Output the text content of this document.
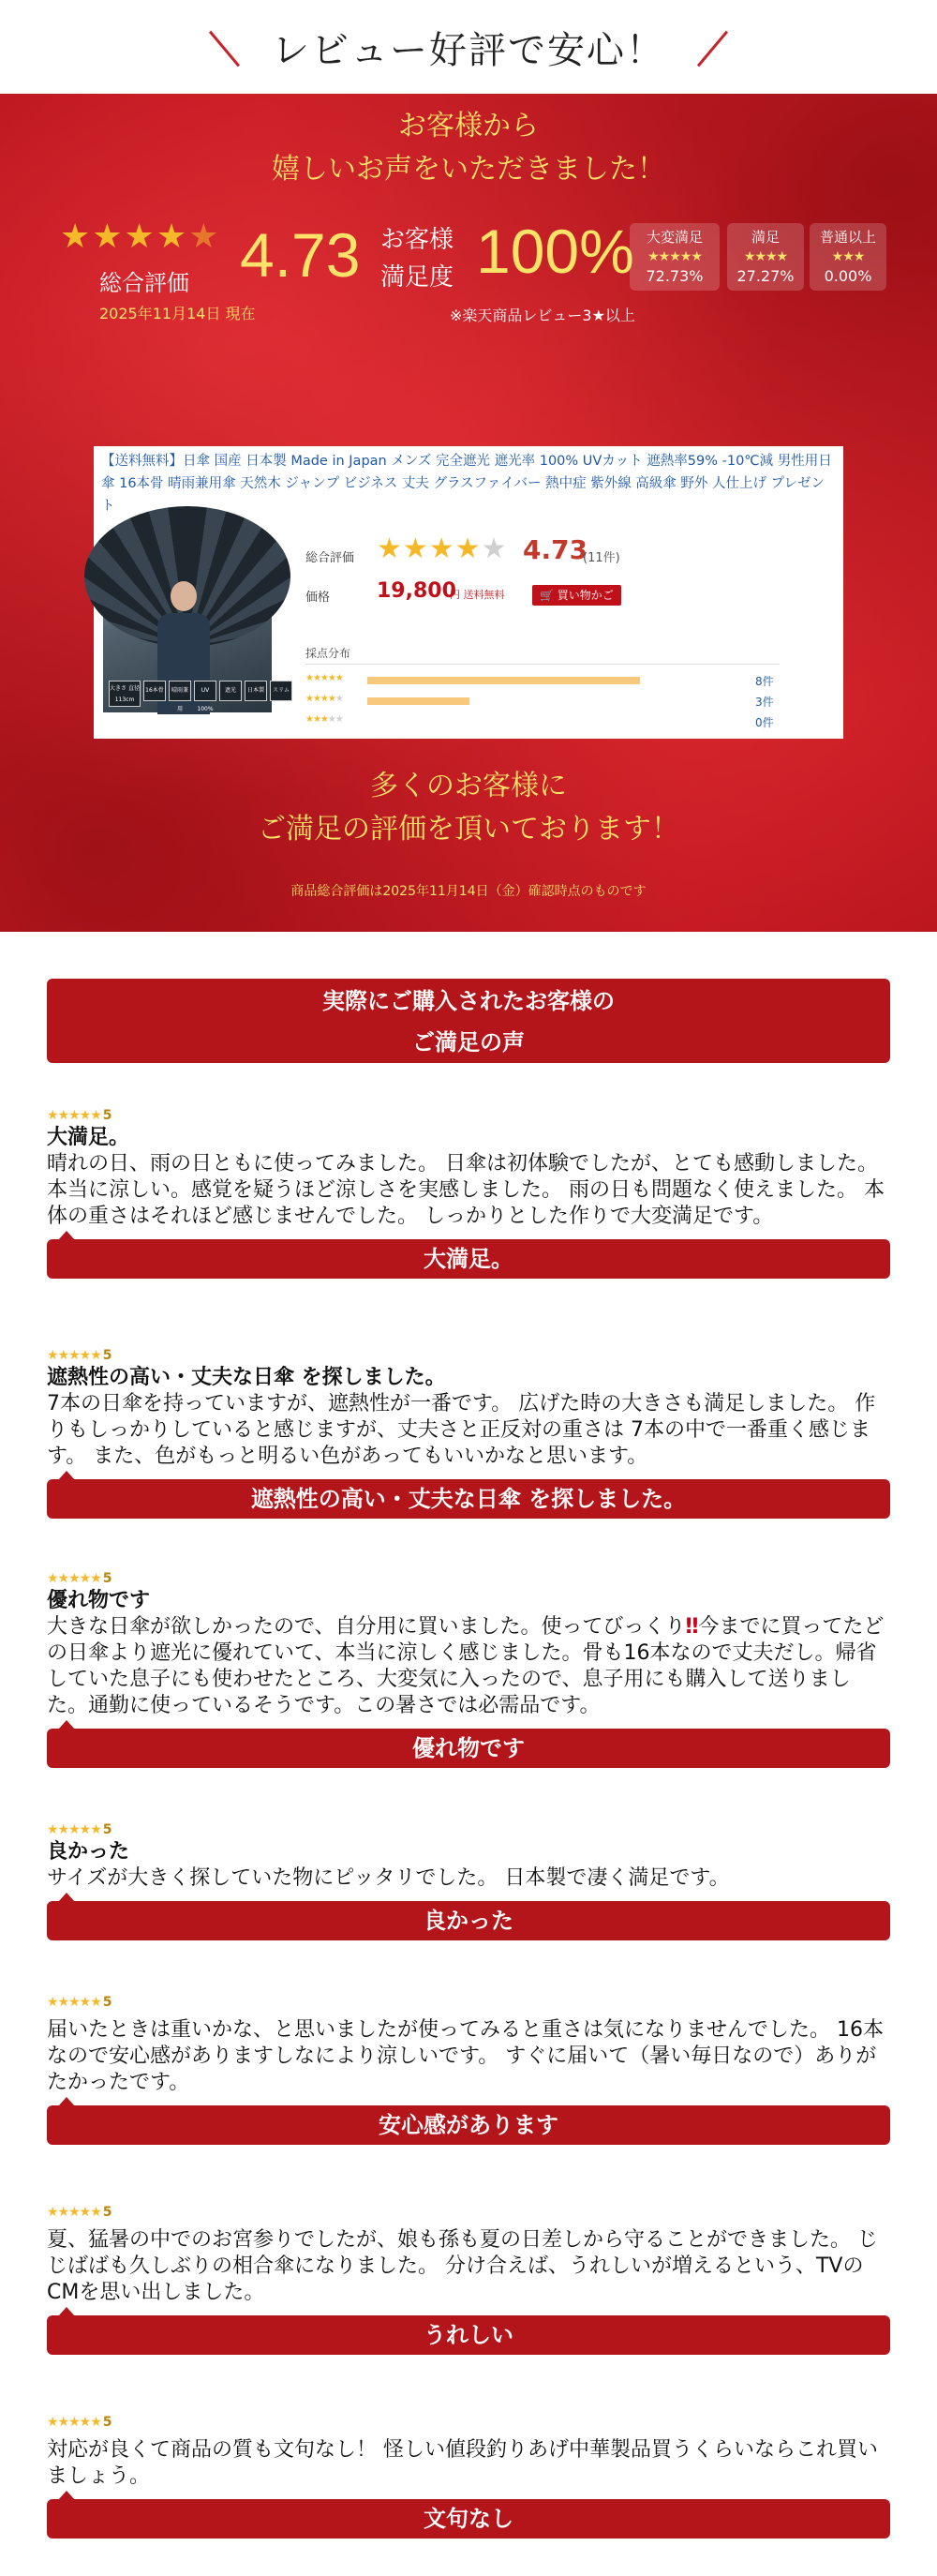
レビュー好評で安心！
お客様から
嬉しいお声をいただきました！
★★★★★
総合評価
2025年11月14日 現在
4.73 お客様
満足度 100%
※楽天商品レビュー3★以上
大変満足
★★★★★
72.73%
満足
★★★★
27.27%
普通以上
★★★
0.00%
【送料無料】日傘 国産 日本製 Made in Japan メンズ 完全遮光 遮光率 100% UVカット 遮熱率59% -10℃減 男性用日傘 16本骨 晴雨兼用傘 天然木 ジャンプ ビジネス 丈夫 グラスファイバー 熱中症 紫外線 高級傘 野外 人仕上げ プレゼント
大きさ 直径113cm
16本骨	晴雨兼用
UV 100%
遮光	日本製	スリム
総合評価 ★★★★★ 4.73
(11件)
価格 19,800
円 送料無料	🛒 買い物かご
採点分布
★★★★★	8件
★★★★★	3件
★★★★★	0件
多くのお客様に
ご満足の評価を頂いております！
商品総合評価は2025年11月14日（金）確認時点のものです
実際にご購入されたお客様の
ご満足の声
★★★★★ 5
大満足。
晴れの日、雨の日ともに使ってみました。 日傘は初体験でしたが、とても感動しました。 本当に涼しい。感覚を疑うほど涼しさを実感しました。 雨の日も問題なく使えました。 本体の重さはそれほど感じませんでした。 しっかりとした作りで大変満足です。
大満足。
★★★★★ 5
遮熱性の高い・丈夫な日傘 を探しました。
7本の日傘を持っていますが、遮熱性が一番です。 広げた時の大きさも満足しました。 作りもしっかりしていると感じますが、丈夫さと正反対の重さは 7本の中で一番重く感じます。 また、色がもっと明るい色があってもいいかなと思います。
遮熱性の高い・丈夫な日傘 を探しました。
★★★★★ 5
優れ物です
大きな日傘が欲しかったので、自分用に買いました。使ってびっくり‼今までに買ってたどの日傘より遮光に優れていて、本当に涼しく感じました。骨も16本なので丈夫だし。帰省していた息子にも使わせたところ、大変気に入ったので、息子用にも購入して送りました。通勤に使っているそうです。この暑さでは必需品です。
優れ物です
★★★★★ 5
良かった
サイズが大きく探していた物にピッタリでした。 日本製で凄く満足です。
良かった
★★★★★ 5
届いたときは重いかな、と思いましたが使ってみると重さは気になりませんでした。 16本なので安心感がありますしなにより涼しいです。 すぐに届いて（暑い毎日なので）ありがたかったです。
安心感があります
★★★★★ 5
夏、猛暑の中でのお宮参りでしたが、娘も孫も夏の日差しから守ることができました。 じじばばも久しぶりの相合傘になりました。 分け合えば、うれしいが増えるという、TVのCMを思い出しました。
うれしい
★★★★★ 5
対応が良くて商品の質も文句なし！ 怪しい値段釣りあげ中華製品買うくらいならこれ買いましょう。
文句なし
